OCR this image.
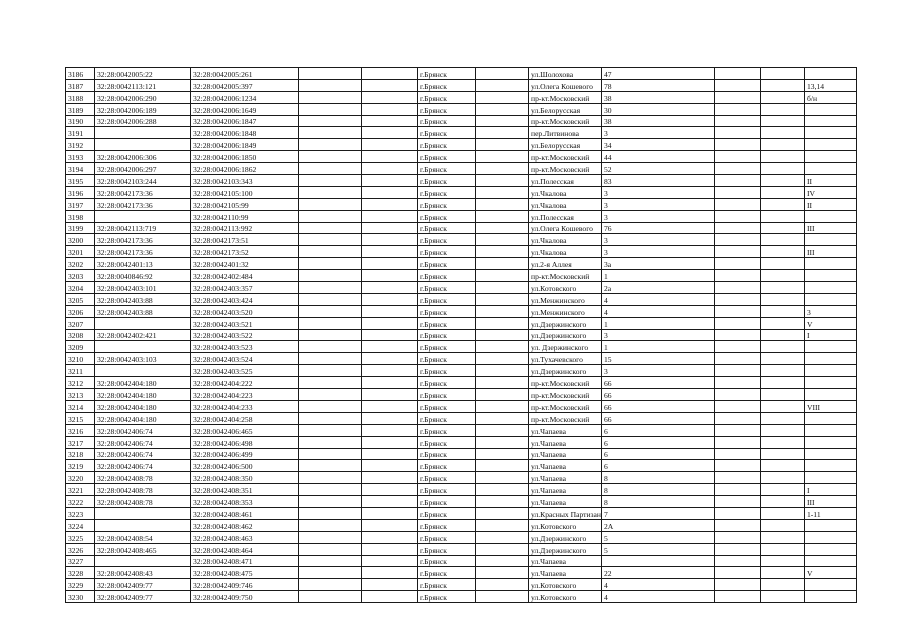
3186	32:28:0042005:22	32:28:0042005:261			г.Брянск		ул.Шолохова	47			
3187	32:28:0042113:121	32:28:0042005:397			г.Брянск		ул.Олега Кошевого	78			13,14
3188	32:28:0042006:290	32:28:0042006:1234			г.Брянск		пр-кт.Московский	38			б/н
3189	32:28:0042006:189	32:28:0042006:1649			г.Брянск		ул.Белорусская	30			
3190	32:28:0042006:288	32:28:0042006:1847			г.Брянск		пр-кт.Московский	38			
3191		32:28:0042006:1848			г.Брянск		пер.Литвинова	3			
3192		32:28:0042006:1849			г.Брянск		ул.Белорусская	34			
3193	32:28:0042006:306	32:28:0042006:1850			г.Брянск		пр-кт.Московский	44			
3194	32:28:0042006:297	32:28:0042006:1862			г.Брянск		пр-кт.Московский	52			
3195	32:28:0042103:244	32:28:0042103:343			г.Брянск		ул.Полесская	83			II
3196	32:28:0042173:36	32:28:0042105:100			г.Брянск		ул.Чкалова	3			IV
3197	32:28:0042173:36	32:28:0042105:99			г.Брянск		ул.Чкалова	3			II
3198		32:28:0042110:99			г.Брянск		ул.Полесская	3			
3199	32:28:0042113:719	32:28:0042113:992			г.Брянск		ул.Олега Кошевого	76			III
3200	32:28:0042173:36	32:28:0042173:51			г.Брянск		ул.Чкалова	3			
3201	32:28:0042173:36	32:28:0042173:52			г.Брянск		ул.Чкалова	3			III
3202	32:28:0042401:13	32:28:0042401:32			г.Брянск		ул.2-я Аллея	3а			
3203	32:28:0040846:92	32:28:0042402:484			г.Брянск		пр-кт.Московский	1			
3204	32:28:0042403:101	32:28:0042403:357			г.Брянск		ул.Котовского	2а			
3205	32:28:0042403:88	32:28:0042403:424			г.Брянск		ул.Менжинского	4			
3206	32:28:0042403:88	32:28:0042403:520			г.Брянск		ул.Менжинского	4			3
3207		32:28:0042403:521			г.Брянск		ул.Дзержинского	1			V
3208	32:28:0042402:421	32:28:0042403:522			г.Брянск		ул.Дзержинского	3			I
3209		32:28:0042403:523			г.Брянск		ул. Дзержинского	1			
3210	32:28:0042403:103	32:28:0042403:524			г.Брянск		ул.Тухачевского	15			
3211		32:28:0042403:525			г.Брянск		ул.Дзержинского	3			
3212	32:28:0042404:180	32:28:0042404:222			г.Брянск		пр-кт.Московский	66			
3213	32:28:0042404:180	32:28:0042404:223			г.Брянск		пр-кт.Московский	66			
3214	32:28:0042404:180	32:28:0042404:233			г.Брянск		пр-кт.Московский	66			VIII
3215	32:28:0042404:180	32:28:0042404:258			г.Брянск		пр-кт.Московский	66			
3216	32:28:0042406:74	32:28:0042406:465			г.Брянск		ул.Чапаева	6			
3217	32:28:0042406:74	32:28:0042406:498			г.Брянск		ул.Чапаева	6			
3218	32:28:0042406:74	32:28:0042406:499			г.Брянск		ул.Чапаева	6			
3219	32:28:0042406:74	32:28:0042406:500			г.Брянск		ул.Чапаева	6			
3220	32:28:0042408:78	32:28:0042408:350			г.Брянск		ул.Чапаева	8			
3221	32:28:0042408:78	32:28:0042408:351			г.Брянск		ул.Чапаева	8			I
3222	32:28:0042408:78	32:28:0042408:353			г.Брянск		ул.Чапаева	8			III
3223		32:28:0042408:461			г.Брянск		ул.Красных Партизан	7			1-11
3224		32:28:0042408:462			г.Брянск		ул.Котовского	2А			
3225	32:28:0042408:54	32:28:0042408:463			г.Брянск		ул.Дзержинского	5			
3226	32:28:0042408:465	32:28:0042408:464			г.Брянск		ул.Дзержинского	5			
3227		32:28:0042408:471			г.Брянск		ул.Чапаева				
3228	32:28:0042408:43	32:28:0042408:475			г.Брянск		ул.Чапаева	22			V
3229	32:28:0042409:77	32:28:0042409:746			г.Брянск		ул.Котовского	4			
3230	32:28:0042409:77	32:28:0042409:750			г.Брянск		ул.Котовского	4			
